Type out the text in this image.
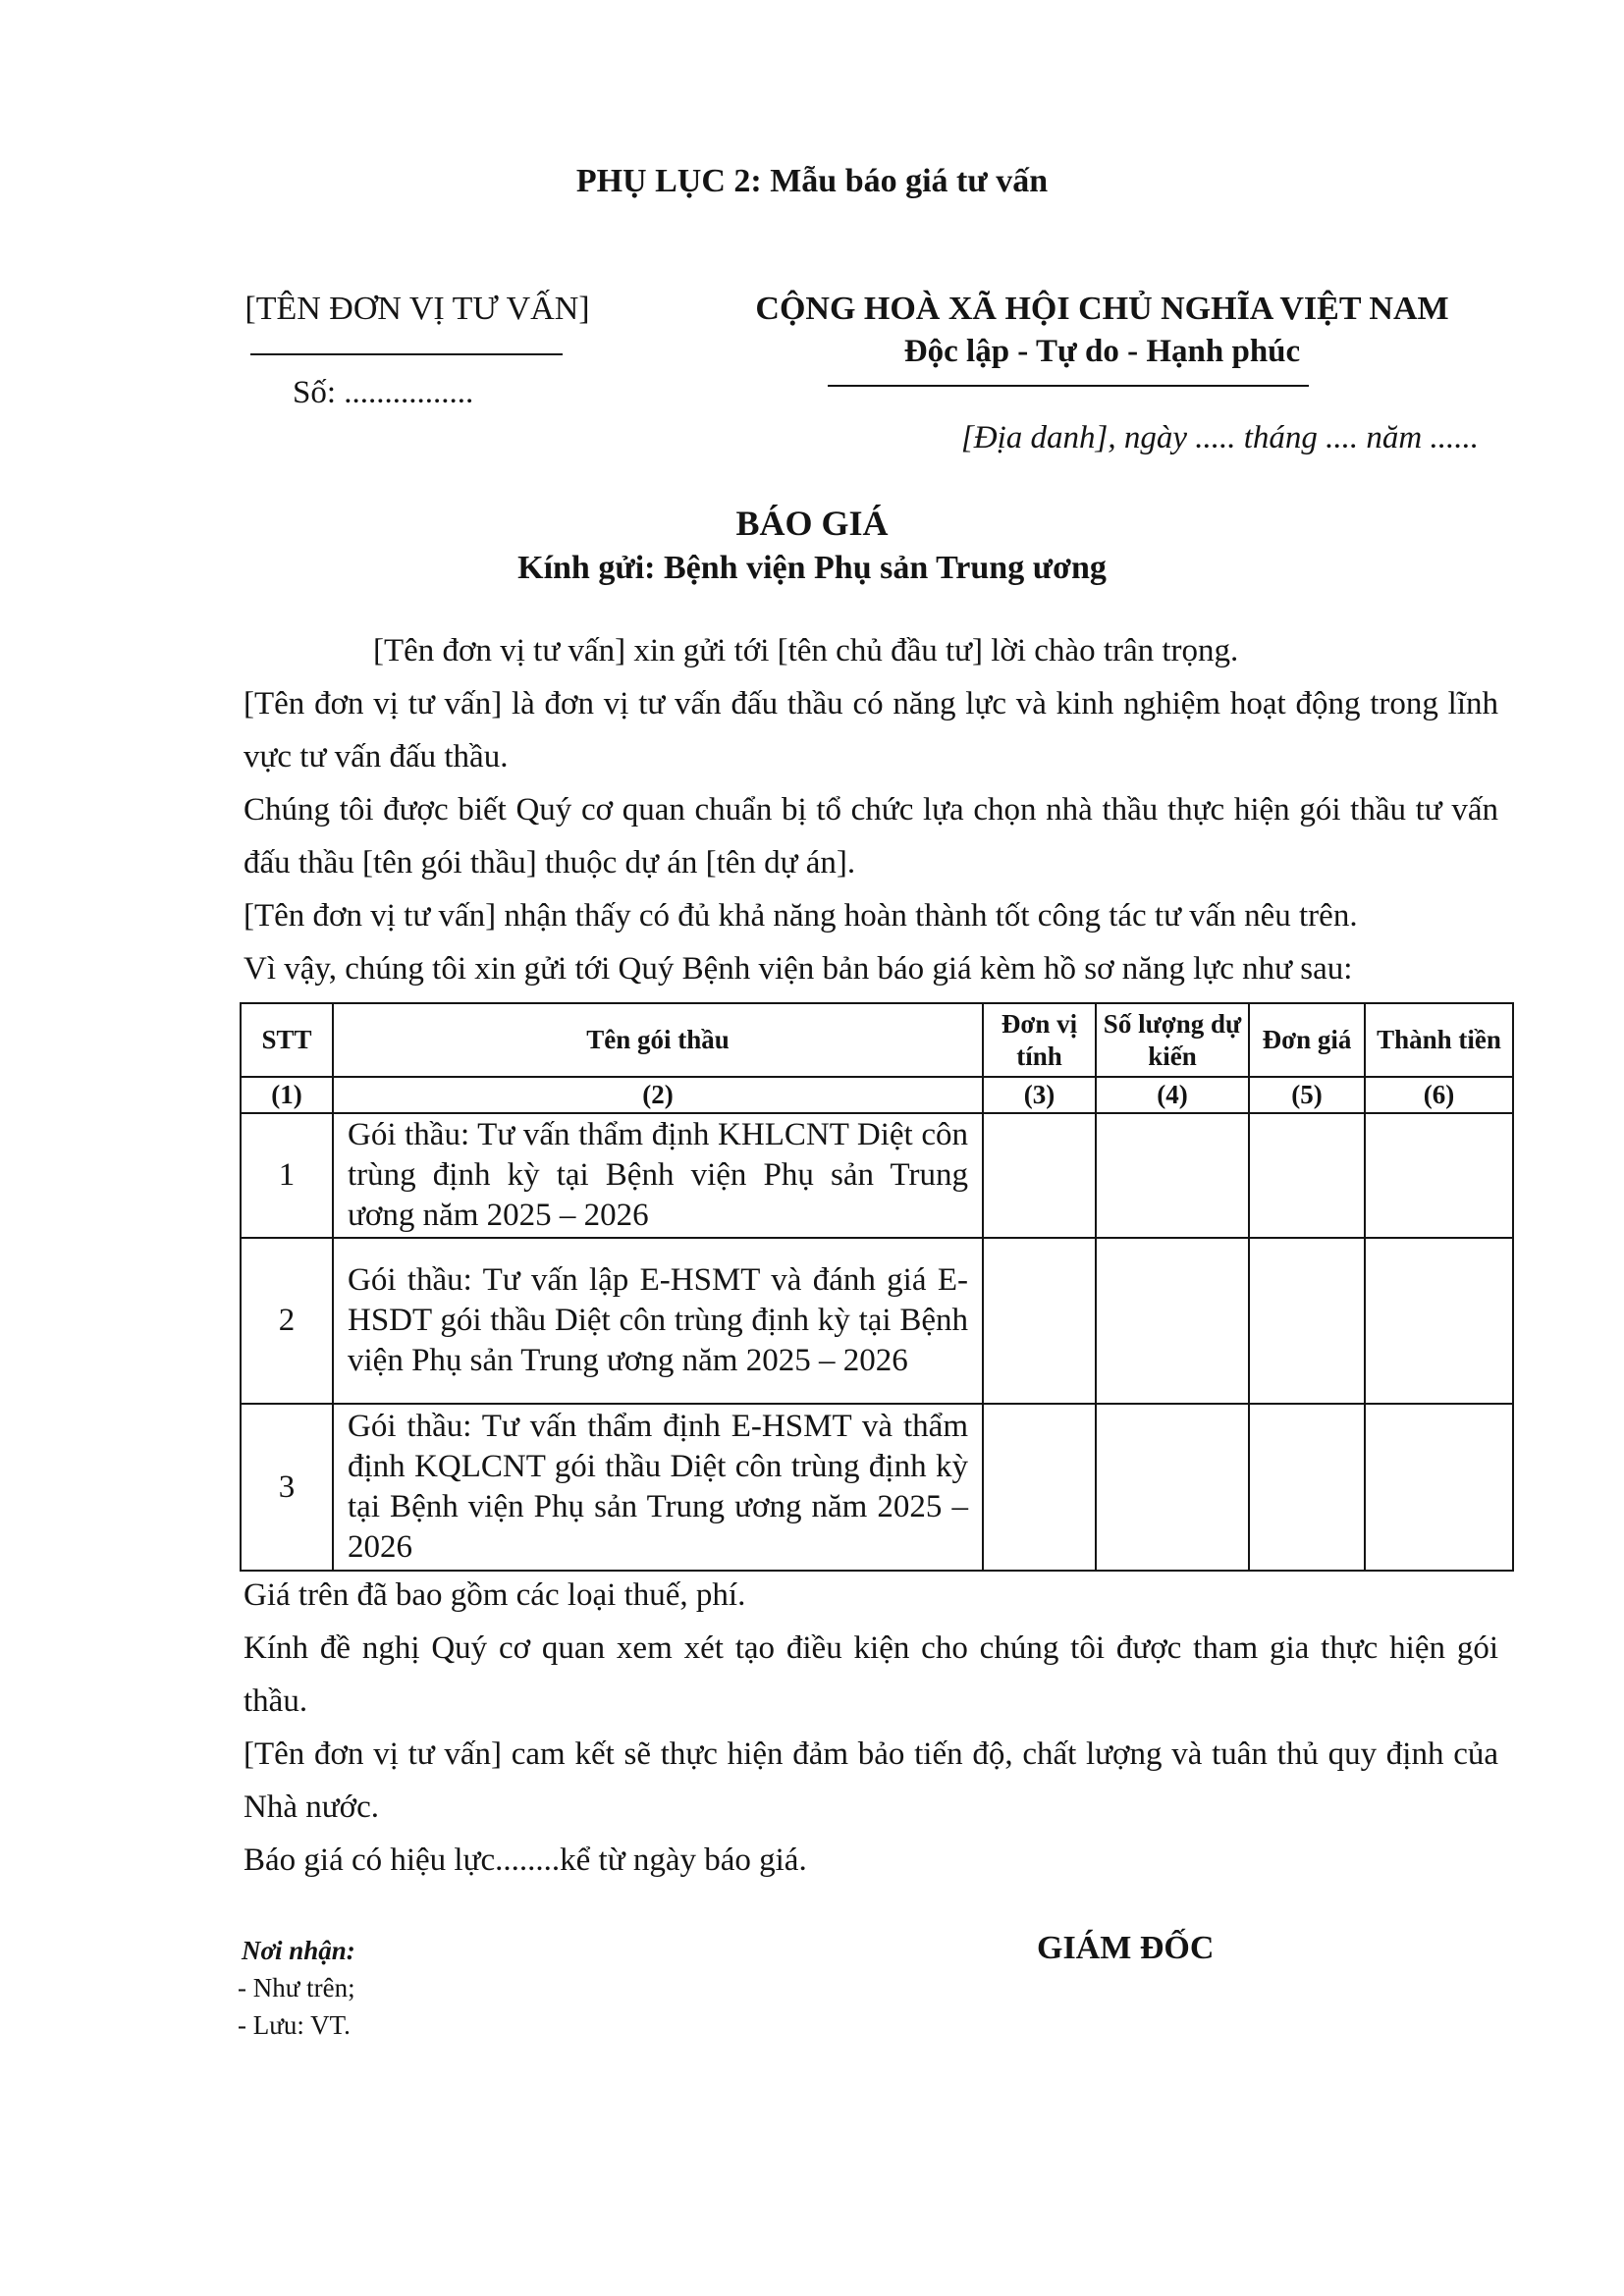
PHỤ LỤC 2: Mẫu báo giá tư vấn
[TÊN ĐƠN VỊ TƯ VẤN]
Số: ................
CỘNG HOÀ XÃ HỘI CHỦ NGHĨA VIỆT NAM
Độc lập - Tự do - Hạnh phúc
[Địa danh], ngày ..... tháng .... năm ......
BÁO GIÁ
Kính gửi: Bệnh viện Phụ sản Trung ương
[Tên đơn vị tư vấn] xin gửi tới [tên chủ đầu tư] lời chào trân trọng.
[Tên đơn vị tư vấn] là đơn vị tư vấn đấu thầu có năng lực và kinh nghiệm hoạt động trong lĩnh vực tư vấn đấu thầu.
Chúng tôi được biết Quý cơ quan chuẩn bị tổ chức lựa chọn nhà thầu thực hiện gói thầu tư vấn đấu thầu [tên gói thầu] thuộc dự án [tên dự án].
[Tên đơn vị tư vấn] nhận thấy có đủ khả năng hoàn thành tốt công tác tư vấn nêu trên.
Vì vậy, chúng tôi xin gửi tới Quý Bệnh viện bản báo giá kèm hồ sơ năng lực như sau:
STT	Tên gói thầu	Đơn vị tính	Số lượng dự kiến	Đơn giá	Thành tiền
(1)	(2)	(3)	(4)	(5)	(6)
1	Gói thầu: Tư vấn thẩm định KHLCNT Diệt côn trùng định kỳ tại Bệnh viện Phụ sản Trung ương năm 2025 – 2026				
2	Gói thầu: Tư vấn lập E-HSMT và đánh giá E-HSDT gói thầu Diệt côn trùng định kỳ tại Bệnh viện Phụ sản Trung ương năm 2025 – 2026				
3	Gói thầu: Tư vấn thẩm định E-HSMT và thẩm định KQLCNT gói thầu Diệt côn trùng định kỳ tại Bệnh viện Phụ sản Trung ương năm 2025 – 2026				
Giá trên đã bao gồm các loại thuế, phí.
Kính đề nghị Quý cơ quan xem xét tạo điều kiện cho chúng tôi được tham gia thực hiện gói thầu.
[Tên đơn vị tư vấn] cam kết sẽ thực hiện đảm bảo tiến độ, chất lượng và tuân thủ quy định của Nhà nước.
Báo giá có hiệu lực........kể từ ngày báo giá.
Nơi nhận:
- Như trên;
- Lưu: VT.
GIÁM ĐỐC
